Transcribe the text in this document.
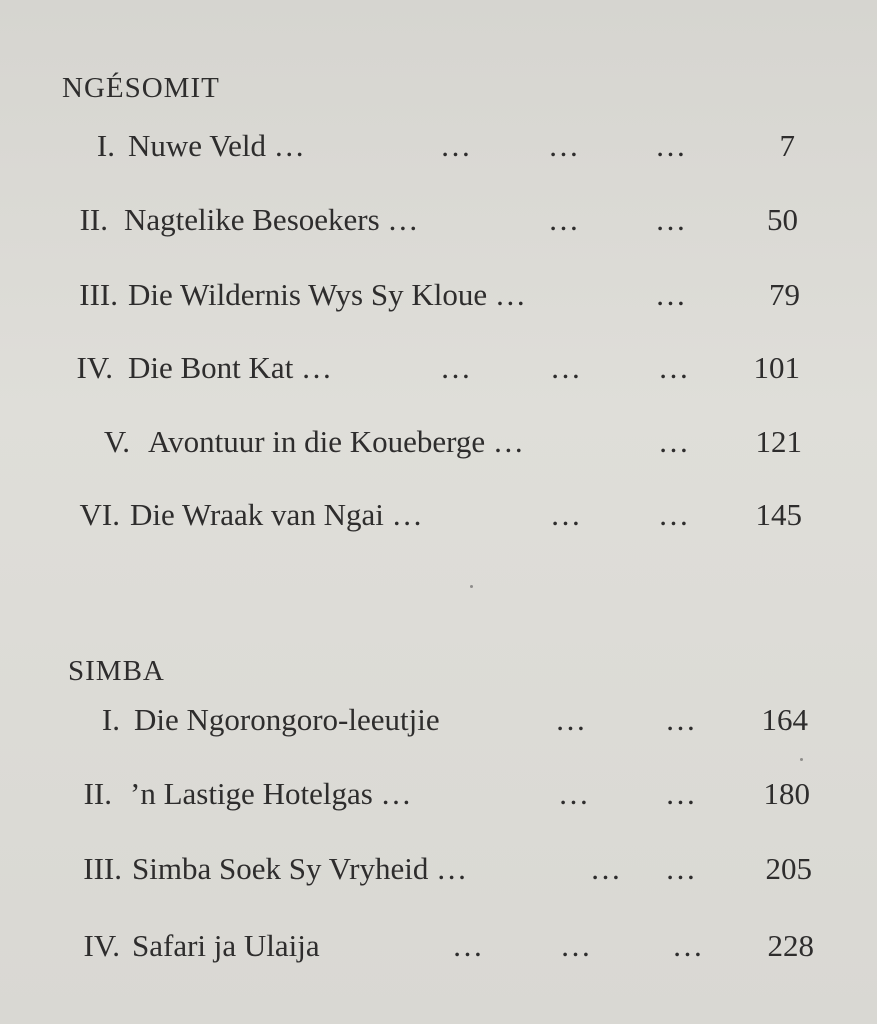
NGÉSOMIT
I. Nuwe Veld …	… … …	7
II. Nagtelike Besoekers …	… …	50
III. Die Wildernis Wys Sy Kloue …	…	79
IV. Die Bont Kat …	…	… …	101
V. Avontuur in die Koueberge …	…	121
VI. Die Wraak van Ngai …	… …	145
SIMBA
I. Die Ngorongoro-leeutjie	…	…	164
II. ’n Lastige Hotelgas …	… …	180
III. Simba Soek Sy Vryheid …	… …	205
IV. Safari ja Ulaija	… …	…	228
